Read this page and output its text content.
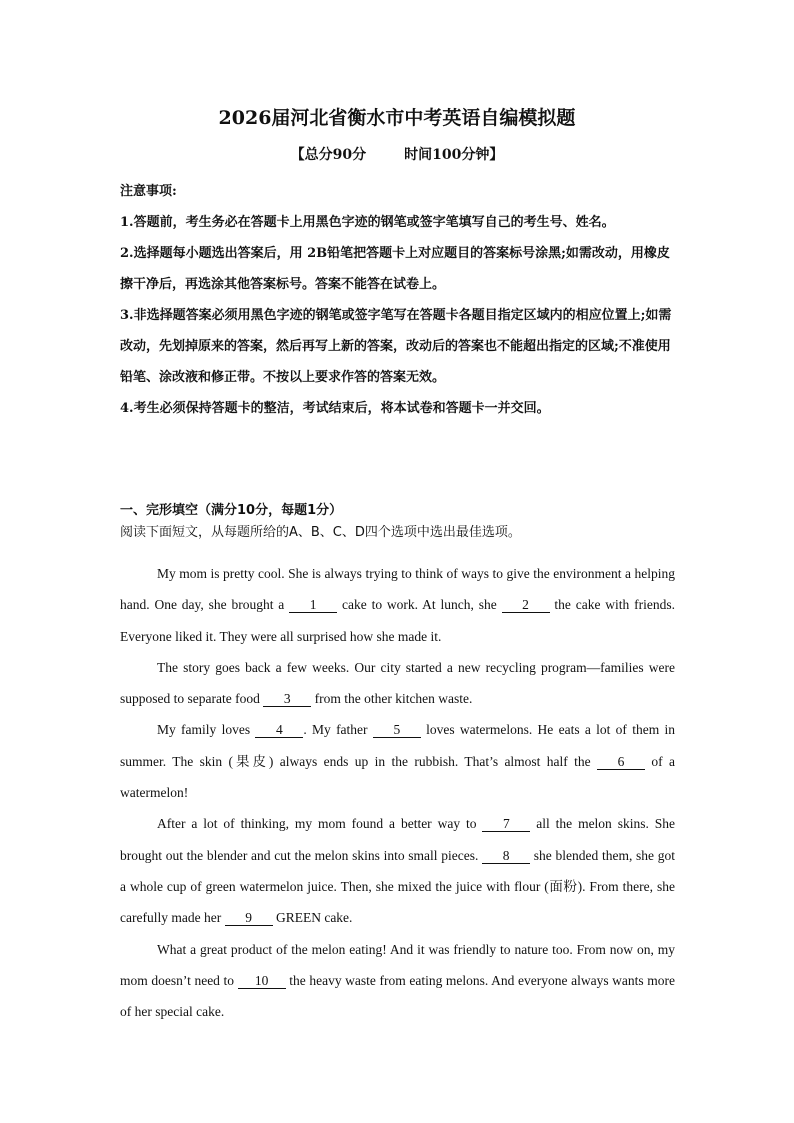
2026届河北省衡水市中考英语自编模拟题
【总分90分	时间100分钟】

注意事项:

1.答题前，考生务必在答题卡上用黑色字迹的钢笔或签字笔填写自己的考生号、姓名。

2.选择题每小题选出答案后，用 2B铅笔把答题卡上对应题目的答案标号涂黑;如需改动，用橡皮擦干净后，再选涂其他答案标号。答案不能答在试卷上。

3.非选择题答案必须用黑色字迹的钢笔或签字笔写在答题卡各题目指定区域内的相应位置上;如需改动，先划掉原来的答案，然后再写上新的答案，改动后的答案也不能超出指定的区域;不准使用铅笔、涂改液和修正带。不按以上要求作答的答案无效。

4.考生必须保持答题卡的整洁，考试结束后，将本试卷和答题卡一并交回。

一、完形填空（满分10分，每题1分）
阅读下面短文，从每题所给的A、B、C、D四个选项中选出最佳选项。

My mom is pretty cool. She is always trying to think of ways to give the environment a helping hand. One day, she brought a 1 cake to work. At lunch, she 2 the cake with friends. Everyone liked it. They were all surprised how she made it.

The story goes back a few weeks. Our city started a new recycling program—families were supposed to separate food 3 from the other kitchen waste.

My family loves 4 . My father 5 loves watermelons. He eats a lot of them in summer. The skin (果皮) always ends up in the rubbish. That’s almost half the 6 of a watermelon!

After a lot of thinking, my mom found a better way to 7 all the melon skins. She brought out the blender and cut the melon skins into small pieces. 8 she blended them, she got a whole cup of green watermelon juice. Then, she mixed the juice with flour (面粉). From there, she carefully made her 9 GREEN cake.

What a great product of the melon eating! And it was friendly to nature too. From now on, my mom doesn’t need to 10 the heavy waste from eating melons. And everyone always wants more of her special cake.
